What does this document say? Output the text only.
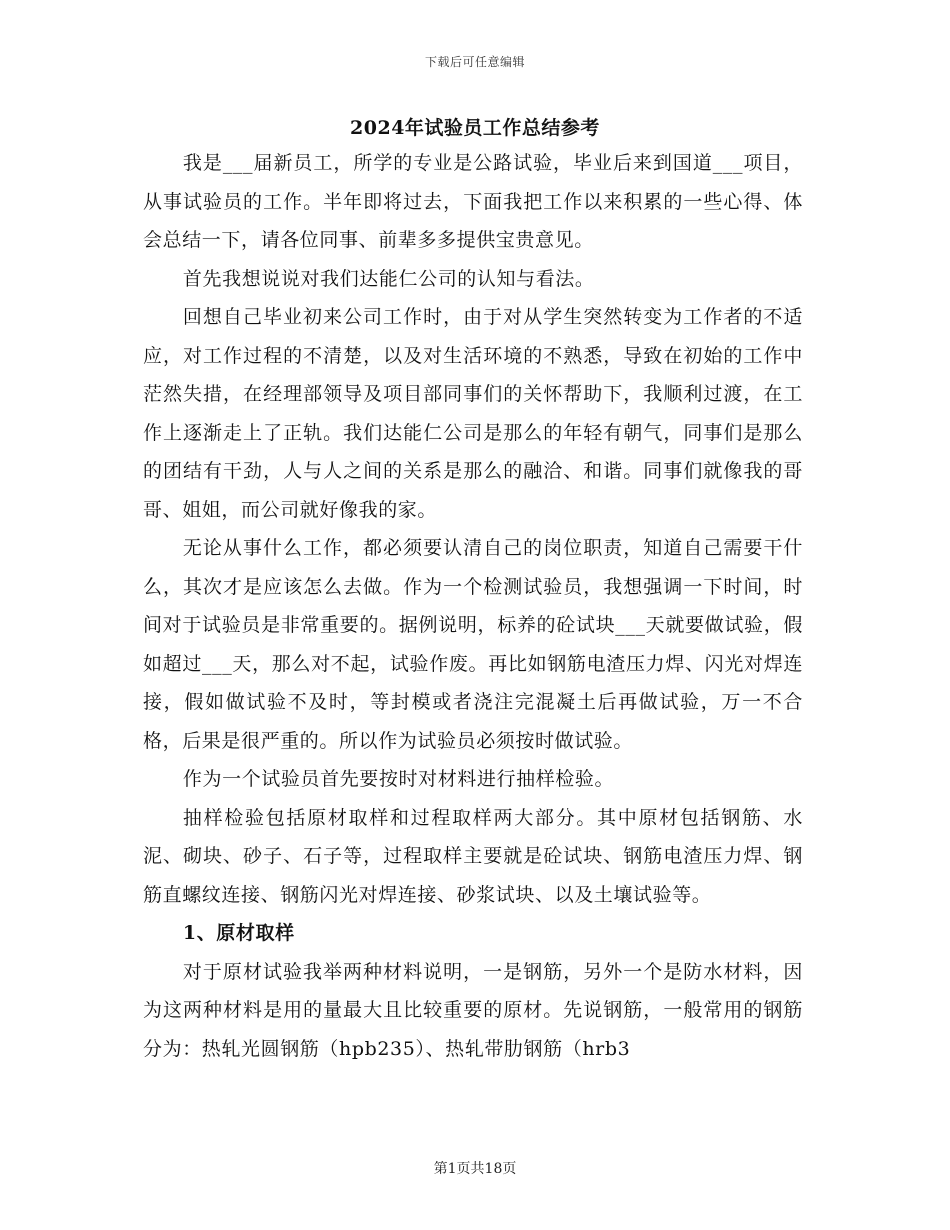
下载后可任意编辑
2024年试验员工作总结参考

我是___届新员工，所学的专业是公路试验，毕业后来到国道___项目，从事试验员的工作。半年即将过去，下面我把工作以来积累的一些心得、体会总结一下，请各位同事、前辈多多提供宝贵意见。

首先我想说说对我们达能仁公司的认知与看法。

回想自己毕业初来公司工作时，由于对从学生突然转变为工作者的不适应，对工作过程的不清楚，以及对生活环境的不熟悉，导致在初始的工作中茫然失措，在经理部领导及项目部同事们的关怀帮助下，我顺利过渡，在工作上逐渐走上了正轨。我们达能仁公司是那么的年轻有朝气，同事们是那么的团结有干劲，人与人之间的关系是那么的融洽、和谐。同事们就像我的哥哥、姐姐，而公司就好像我的家。

无论从事什么工作，都必须要认清自己的岗位职责，知道自己需要干什么，其次才是应该怎么去做。作为一个检测试验员，我想强调一下时间，时间对于试验员是非常重要的。据例说明，标养的砼试块___天就要做试验，假如超过___天，那么对不起，试验作废。再比如钢筋电渣压力焊、闪光对焊连接，假如做试验不及时，等封模或者浇注完混凝土后再做试验，万一不合格，后果是很严重的。所以作为试验员必须按时做试验。

作为一个试验员首先要按时对材料进行抽样检验。

抽样检验包括原材取样和过程取样两大部分。其中原材包括钢筋、水泥、砌块、砂子、石子等，过程取样主要就是砼试块、钢筋电渣压力焊、钢筋直螺纹连接、钢筋闪光对焊连接、砂浆试块、以及土壤试验等。

1、原材取样

对于原材试验我举两种材料说明，一是钢筋，另外一个是防水材料，因为这两种材料是用的量最大且比较重要的原材。先说钢筋，一般常用的钢筋分为：热轧光圆钢筋（hpb235）、热轧带肋钢筋（hrb3

第1页共18页
